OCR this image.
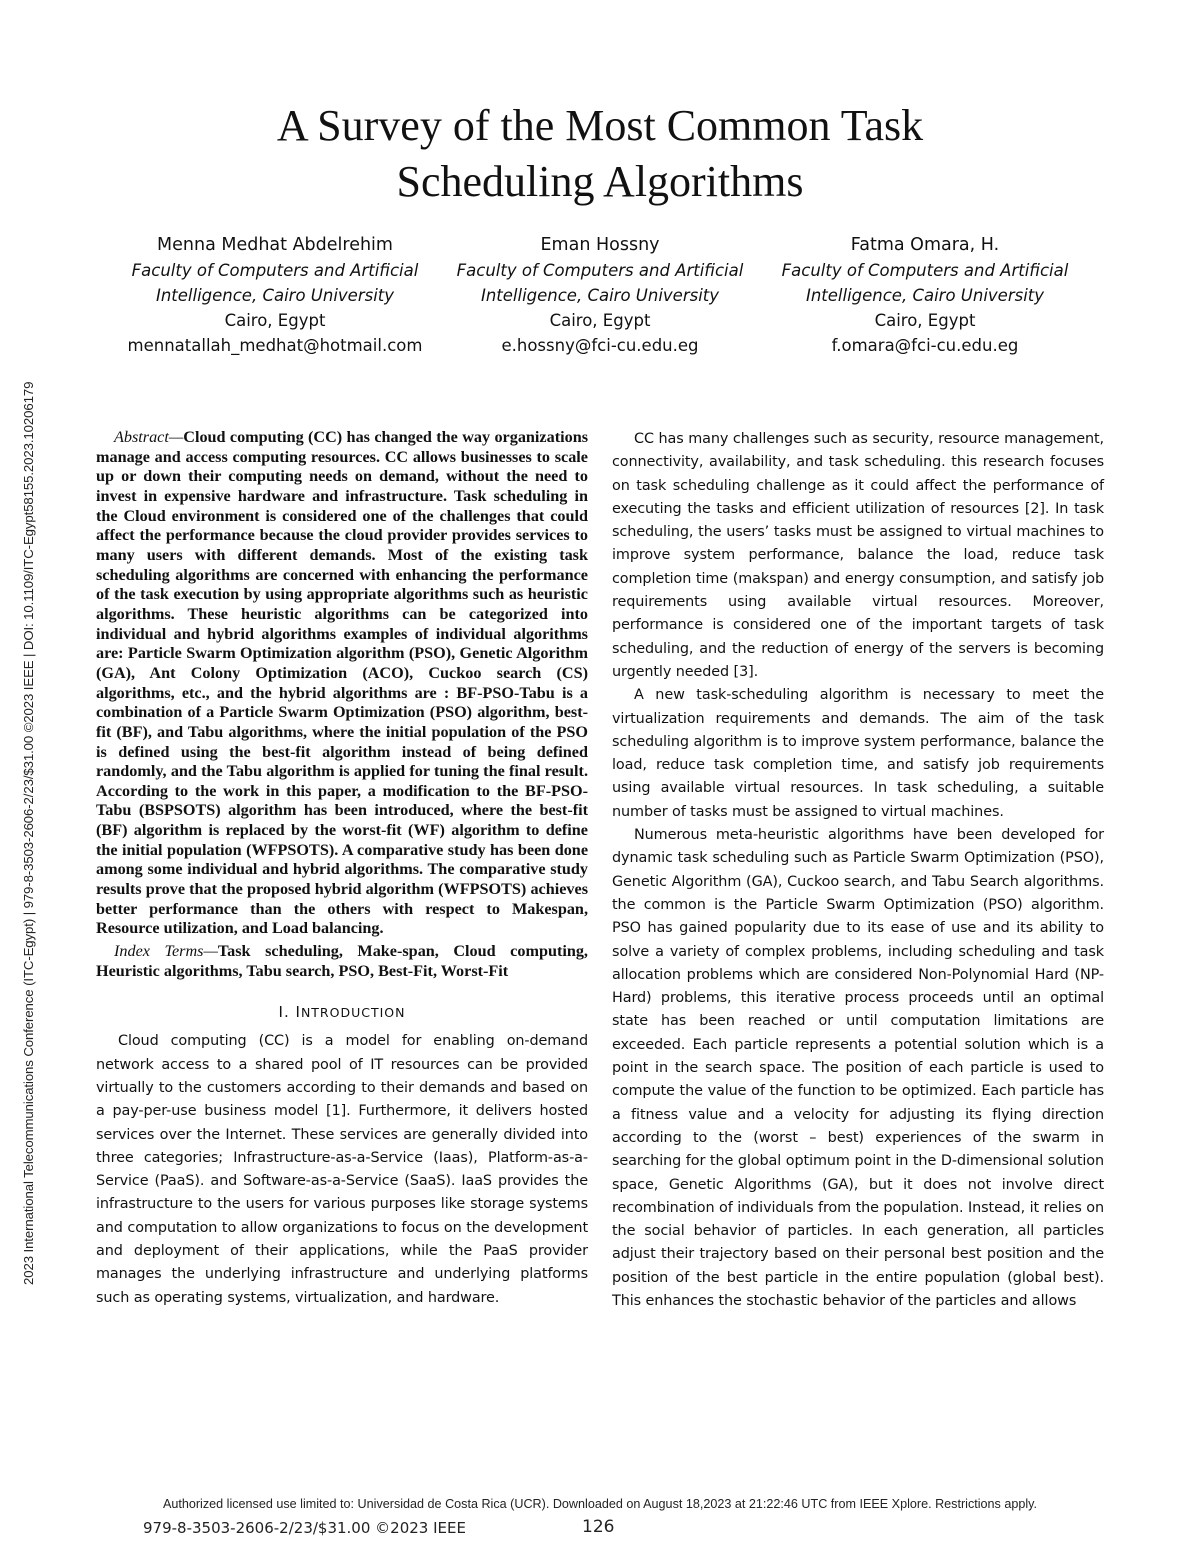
2023 International Telecommunications Conference (ITC-Egypt) | 979-8-3503-2606-2/23/$31.00 ©2023 IEEE | DOI: 10.1109/ITC-Egypt58155.2023.10206179
A Survey of the Most Common Task
Scheduling Algorithms
Menna Medhat Abdelrehim
Faculty of Computers and Artificial
Intelligence, Cairo University
Cairo, Egypt
mennatallah_medhat@hotmail.com
Eman Hossny
Faculty of Computers and Artificial
Intelligence, Cairo University
Cairo, Egypt
e.hossny@fci-cu.edu.eg
Fatma Omara, H.
Faculty of Computers and Artificial
Intelligence, Cairo University
Cairo, Egypt
f.omara@fci-cu.edu.eg

Abstract—Cloud computing (CC) has changed the way organizations manage and access computing resources. CC allows businesses to scale up or down their computing needs on demand, without the need to invest in expensive hardware and infrastructure. Task scheduling in the Cloud environment is considered one of the challenges that could affect the performance because the cloud provider provides services to many users with different demands. Most of the existing task scheduling algorithms are concerned with enhancing the performance of the task execution by using appropriate algorithms such as heuristic algorithms. These heuristic algorithms can be categorized into individual and hybrid algorithms examples of individual algorithms are: Particle Swarm Optimization algorithm (PSO), Genetic Algorithm (GA), Ant Colony Optimization (ACO), Cuckoo search (CS) algorithms, etc., and the hybrid algorithms are : BF-PSO-Tabu is a combination of a Particle Swarm Optimization (PSO) algorithm, best-fit (BF), and Tabu algorithms, where the initial population of the PSO is defined using the best-fit algorithm instead of being defined randomly, and the Tabu algorithm is applied for tuning the final result. According to the work in this paper, a modification to the BF-PSO-Tabu (BSPSOTS) algorithm has been introduced, where the best-fit (BF) algorithm is replaced by the worst-fit (WF) algorithm to define the initial population (WFPSOTS). A comparative study has been done among some individual and hybrid algorithms. The comparative study results prove that the proposed hybrid algorithm (WFPSOTS) achieves better performance than the others with respect to Makespan, Resource utilization, and Load balancing.

Index Terms—Task scheduling, Make-span, Cloud computing, Heuristic algorithms, Tabu search, PSO, Best-Fit, Worst-Fit

I. INTRODUCTION

Cloud computing (CC) is a model for enabling on-demand network access to a shared pool of IT resources can be provided virtually to the customers according to their demands and based on a pay-per-use business model [1]. Furthermore, it delivers hosted services over the Internet. These services are generally divided into three categories; Infrastructure-as-a-Service (Iaas), Platform-as-a-Service (PaaS). and Software-as-a-Service (SaaS). IaaS provides the infrastructure to the users for various purposes like storage systems and computation to allow organizations to focus on the development and deployment of their applications, while the PaaS provider manages the underlying infrastructure and underlying platforms such as operating systems, virtualization, and hardware.

CC has many challenges such as security, resource management, connectivity, availability, and task scheduling. this research focuses on task scheduling challenge as it could affect the performance of executing the tasks and efficient utilization of resources [2]. In task scheduling, the users’ tasks must be assigned to virtual machines to improve system performance, balance the load, reduce task completion time (makspan) and energy consumption, and satisfy job requirements using available virtual resources. Moreover, performance is considered one of the important targets of task scheduling, and the reduction of energy of the servers is becoming urgently needed [3].

A new task-scheduling algorithm is necessary to meet the virtualization requirements and demands. The aim of the task scheduling algorithm is to improve system performance, balance the load, reduce task completion time, and satisfy job requirements using available virtual resources. In task scheduling, a suitable number of tasks must be assigned to virtual machines.

Numerous meta-heuristic algorithms have been developed for dynamic task scheduling such as Particle Swarm Optimization (PSO), Genetic Algorithm (GA), Cuckoo search, and Tabu Search algorithms. the common is the Particle Swarm Optimization (PSO) algorithm. PSO has gained popularity due to its ease of use and its ability to solve a variety of complex problems, including scheduling and task allocation problems which are considered Non-Polynomial Hard (NP-Hard) problems, this iterative process proceeds until an optimal state has been reached or until computation limitations are exceeded. Each particle represents a potential solution which is a point in the search space. The position of each particle is used to compute the value of the function to be optimized. Each particle has a fitness value and a velocity for adjusting its flying direction according to the (worst – best) experiences of the swarm in searching for the global optimum point in the D-dimensional solution space, Genetic Algorithms (GA), but it does not involve direct recombination of individuals from the population. Instead, it relies on the social behavior of particles. In each generation, all particles adjust their trajectory based on their personal best position and the position of the best particle in the entire population (global best). This enhances the stochastic behavior of the particles and allows

Authorized licensed use limited to: Universidad de Costa Rica (UCR). Downloaded on August 18,2023 at 21:22:46 UTC from IEEE Xplore. Restrictions apply.
979-8-3503-2606-2/23/$31.00 ©2023 IEEE	126
